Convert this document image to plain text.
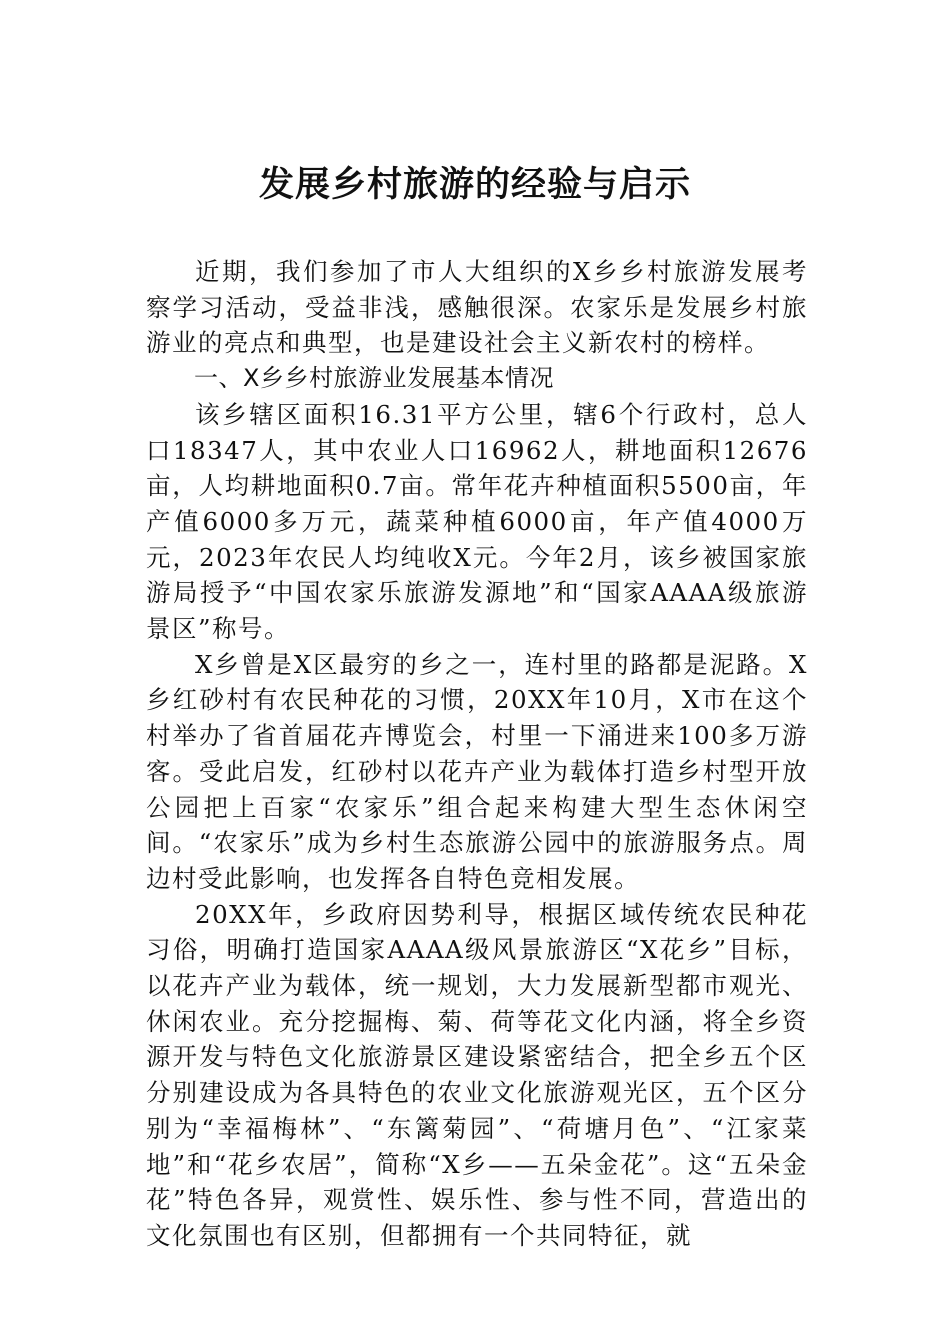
发展乡村旅游的经验与启示

近期，我们参加了市人大组织的X乡乡村旅游发展考察学习活动，受益非浅，感触很深。农家乐是发展乡村旅游业的亮点和典型，也是建设社会主义新农村的榜样。

一、X乡乡村旅游业发展基本情况

该乡辖区面积16.31平方公里，辖6个行政村，总人口18347人，其中农业人口16962人，耕地面积12676亩，人均耕地面积0.7亩。常年花卉种植面积5500亩，年产值6000多万元，蔬菜种植6000亩，年产值4000万元，2023年农民人均纯收X元。今年2月，该乡被国家旅游局授予“中国农家乐旅游发源地”和“国家AAAA级旅游景区”称号。

X乡曾是X区最穷的乡之一，连村里的路都是泥路。X乡红砂村有农民种花的习惯，20XX年10月，X市在这个村举办了省首届花卉博览会，村里一下涌进来100多万游客。受此启发，红砂村以花卉产业为载体打造乡村型开放公园把上百家“农家乐”组合起来构建大型生态休闲空间。“农家乐”成为乡村生态旅游公园中的旅游服务点。周边村受此影响，也发挥各自特色竞相发展。

20XX年，乡政府因势利导，根据区域传统农民种花习俗，明确打造国家AAAA级风景旅游区“X花乡”目标，以花卉产业为载体，统一规划，大力发展新型都市观光、休闲农业。充分挖掘梅、菊、荷等花文化内涵，将全乡资源开发与特色文化旅游景区建设紧密结合，把全乡五个区分别建设成为各具特色的农业文化旅游观光区，五个区分别为“幸福梅林”、“东篱菊园”、“荷塘月色”、“江家菜地”和“花乡农居”，简称“X乡——五朵金花”。这“五朵金花”特色各异，观赏性、娱乐性、参与性不同，营造出的文化氛围也有区别，但都拥有一个共同特征，就
